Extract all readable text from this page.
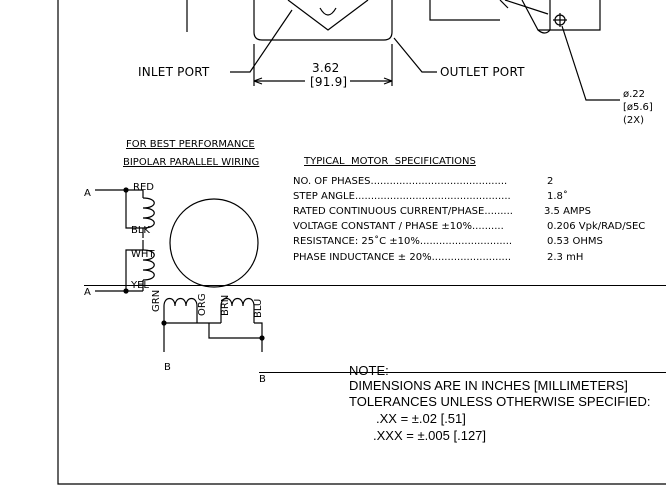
INLET PORT	OUTLET PORT
3.62
[91.9]
ø.22
[ø5.6]
(2X)
FOR BEST PERFORMANCE
BIPOLAR PARALLEL WIRING
A
A
B
B
RED
BLK
WHT
YEL
GRN	ORG BRN BLU
TYPICAL  MOTOR  SPECIFICATIONS
NO. OF PHASES...........................................	2
STEP ANGLE.................................................	1.8˚
RATED CONTINUOUS CURRENT/PHASE.........	3.5 AMPS
VOLTAGE CONSTANT / PHASE ±10%..........	0.206 Vpk/RAD/SEC
RESISTANCE: 25˚C ±10%.............................	0.53 OHMS
PHASE INDUCTANCE ± 20%.........................	2.3 mH
NOTE:
DIMENSIONS ARE IN INCHES [MILLIMETERS]
TOLERANCES UNLESS OTHERWISE SPECIFIED:
.XX = ±.02 [.51]
.XXX = ±.005 [.127]
